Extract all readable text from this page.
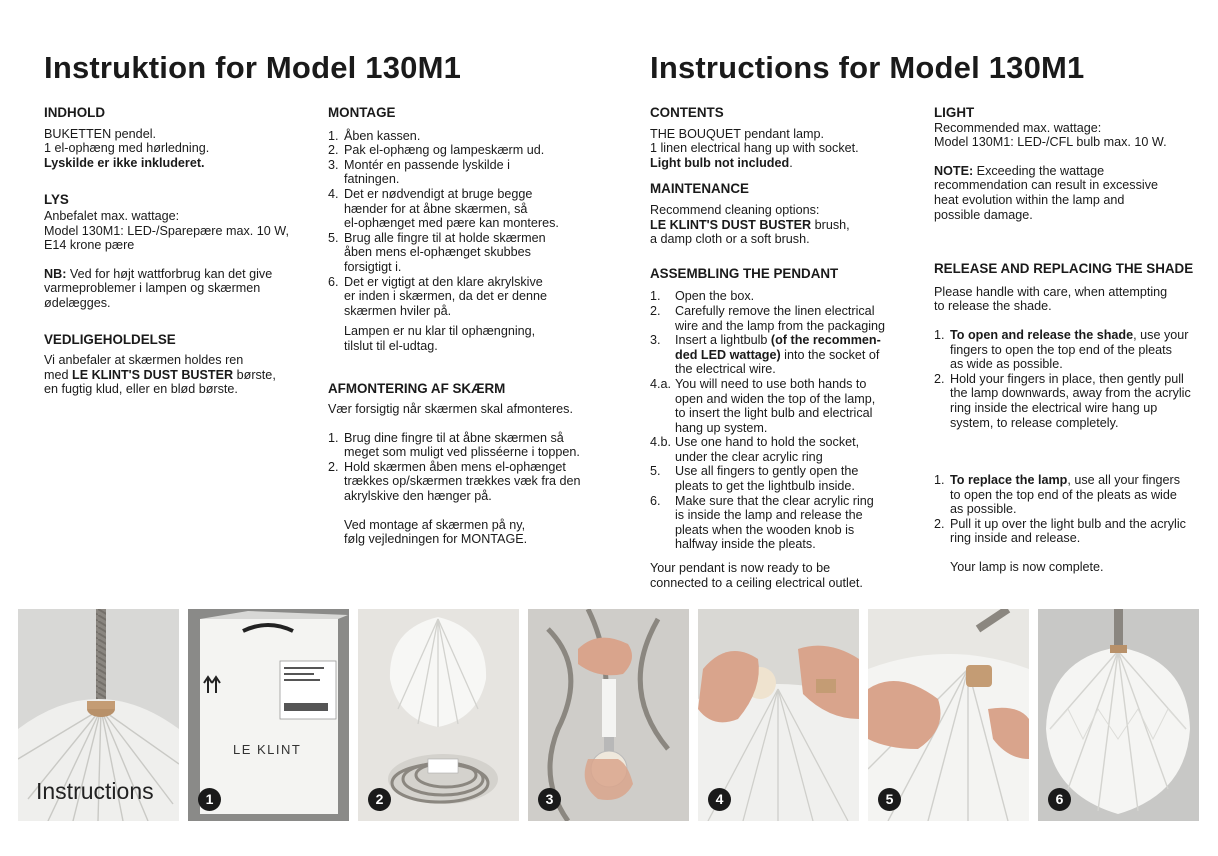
Instruktion for Model 130M1	Instructions for Model 130M1

INDHOLD

BUKETTEN pendel.

1 el-ophæng med hørledning.

Lyskilde er ikke inkluderet.

LYS

Anbefalet max. wattage:

Model 130M1: LED-/Sparepære max. 10 W,

E14 krone pære

NB: Ved for højt wattforbrug kan det give

varmeproblemer i lampen og skærmen

ødelægges.

VEDLIGEHOLDELSE

Vi anbefaler at skærmen holdes ren

med LE KLINT'S DUST BUSTER børste,

en fugtig klud, eller en blød børste.

MONTAGE

1. Åben kassen.
2. Pak el-ophæng og lampeskærm ud.
3. Montér en passende lyskilde i
fatningen.
4. Det er nødvendigt at bruge begge
hænder for at åbne skærmen, så
el-ophænget med pære kan monteres.
5. Brug alle fingre til at holde skærmen
åben mens el-ophænget skubbes
forsigtigt i.
6. Det er vigtigt at den klare akrylskive
er inden i skærmen, da det er denne
skærmen hviler på.

Lampen er nu klar til ophængning,

tilslut til el-udtag.

AFMONTERING AF SKÆRM

Vær forsigtig når skærmen skal afmonteres.

1. Brug dine fingre til at åbne skærmen så
meget som muligt ved plisséerne i toppen.
2. Hold skærmen åben mens el-ophænget
trækkes op/skærmen trækkes væk fra den
akrylskive den hænger på.

Ved montage af skærmen på ny,

følg vejledningen for MONTAGE.

CONTENTS

THE BOUQUET pendant lamp.

1 linen electrical hang up with socket.

Light bulb not included.

MAINTENANCE

Recommend cleaning options:

LE KLINT'S DUST BUSTER brush,

a damp cloth or a soft brush.

ASSEMBLING THE PENDANT

1. Open the box.
2. Carefully remove the linen electrical
wire and the lamp from the packaging
3. Insert a lightbulb (of the recommen-
ded LED wattage) into the socket of
the electrical wire.
4.a. You will need to use both hands to
open and widen the top of the lamp,
to insert the light bulb and electrical
hang up system.
4.b. Use one hand to hold the socket,
under the clear acrylic ring
5. Use all fingers to gently open the
pleats to get the lightbulb inside.
6. Make sure that the clear acrylic ring
is inside the lamp and release the
pleats when the wooden knob is
halfway inside the pleats.

Your pendant is now ready to be

connected to a ceiling electrical outlet.

LIGHT

Recommended max. wattage:

Model 130M1: LED-/CFL bulb max. 10 W.

NOTE: Exceeding the wattage

recommendation can result in excessive

heat evolution within the lamp and

possible damage.

RELEASE AND REPLACING THE SHADE

Please handle with care, when attempting

to release the shade.

1. To open and release the shade, use your
fingers to open the top end of the pleats
as wide as possible.
2. Hold your fingers in place, then gently pull
the lamp downwards, away from the acrylic
ring inside the electrical wire hang up
system, to release completely.
1. To replace the lamp, use all your fingers
to open the top end of the pleats as wide
as possible.
2. Pull it up over the light bulb and the acrylic
ring inside and release.

Your lamp is now complete.

Instructions
LE KLINT
1	2	3	4	5	6
